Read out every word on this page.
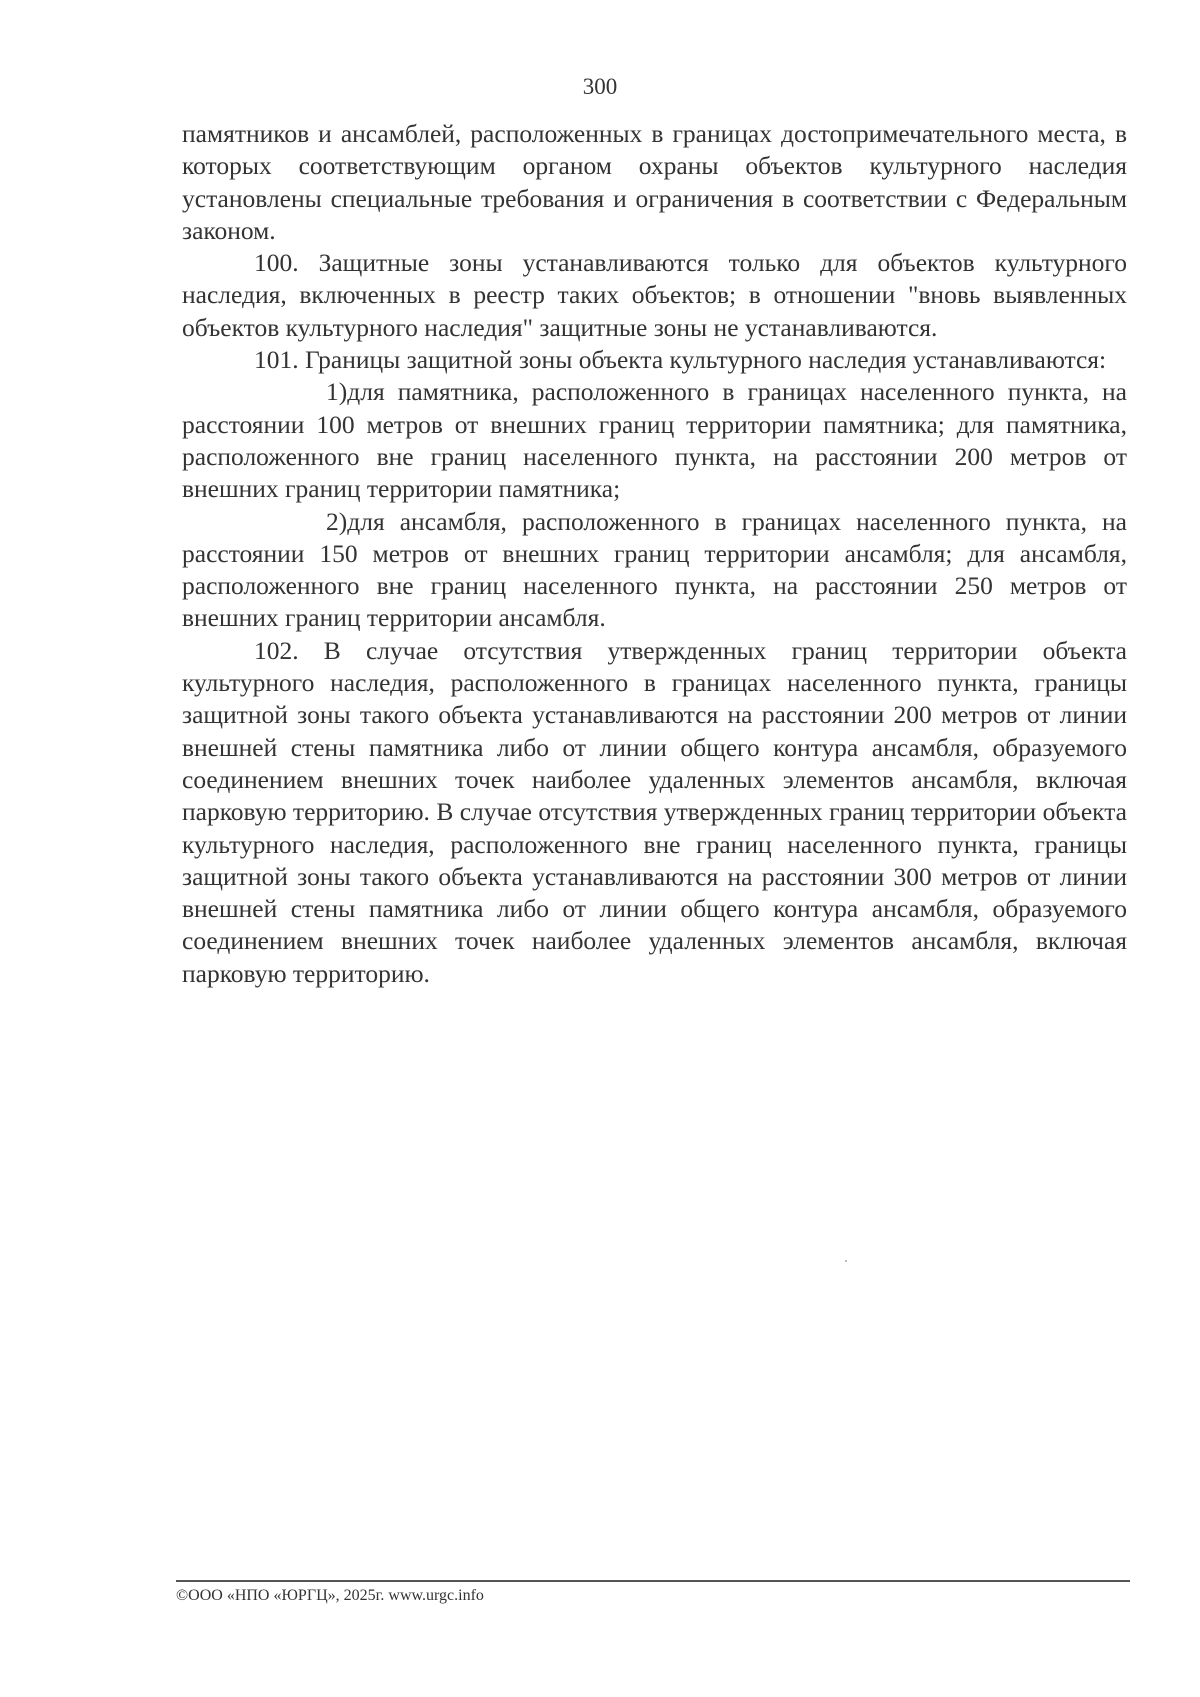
300

памятников и ансамблей, расположенных в границах достопримечательного места, в которых соответствующим органом охраны объектов культурного наследия установлены специальные требования и ограничения в соответствии с Федеральным законом.

100. Защитные зоны устанавливаются только для объектов культурного наследия, включенных в реестр таких объектов; в отношении "вновь выявленных объектов культурного наследия" защитные зоны не устанавливаются.

101. Границы защитной зоны объекта культурного наследия устанавливаются:

1)для памятника, расположенного в границах населенного пункта, на расстоянии 100 метров от внешних границ территории памятника; для памятника, расположенного вне границ населенного пункта, на расстоянии 200 метров от внешних границ территории памятника;

2)для ансамбля, расположенного в границах населенного пункта, на расстоянии 150 метров от внешних границ территории ансамбля; для ансамбля, расположенного вне границ населенного пункта, на расстоянии 250 метров от внешних границ территории ансамбля.

102. В случае отсутствия утвержденных границ территории объекта культурного наследия, расположенного в границах населенного пункта, границы защитной зоны такого объекта устанавливаются на расстоянии 200 метров от линии внешней стены памятника либо от линии общего контура ансамбля, образуемого соединением внешних точек наиболее удаленных элементов ансамбля, включая парковую территорию. В случае отсутствия утвержденных границ территории объекта культурного наследия, расположенного вне границ населенного пункта, границы защитной зоны такого объекта устанавливаются на расстоянии 300 метров от линии внешней стены памятника либо от линии общего контура ансамбля, образуемого соединением внешних точек наиболее удаленных элементов ансамбля, включая парковую территорию.

©ООО «НПО «ЮРГЦ», 2025г. www.urgc.info
